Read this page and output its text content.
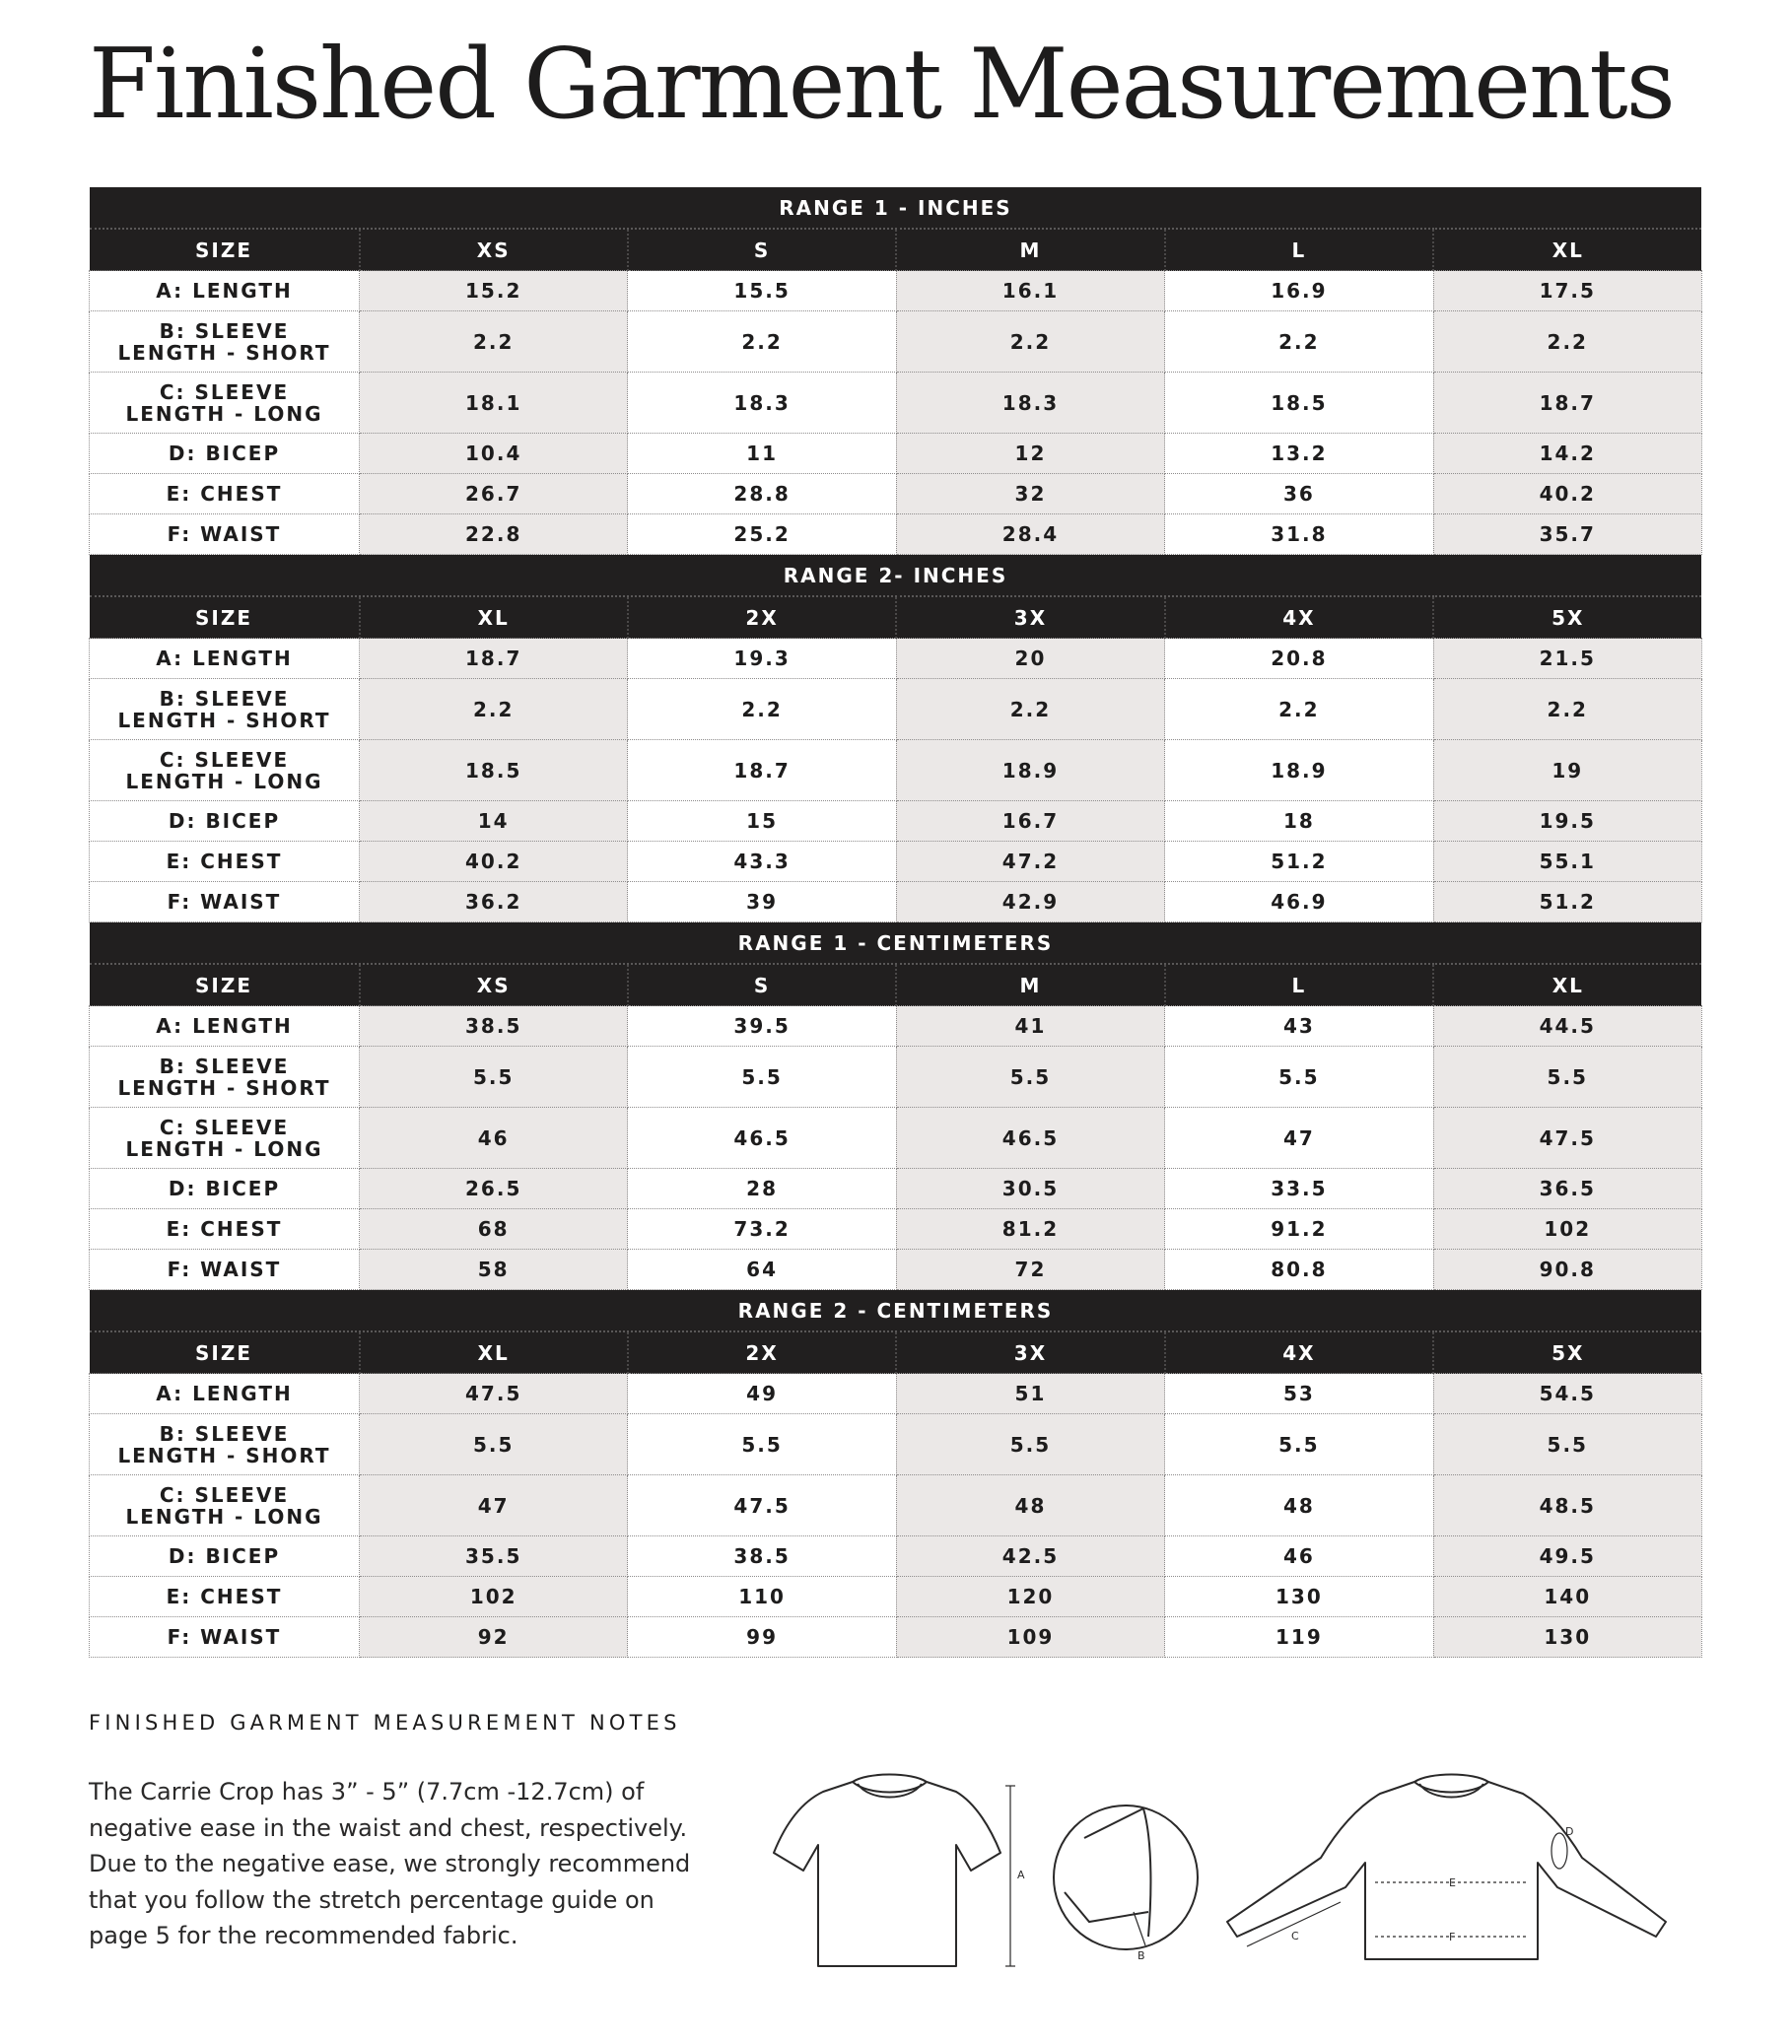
Finished Garment Measurements
RANGE 1 - INCHES					
SIZE	XS	S	M	L	XL
A: LENGTH	15.2	15.5	16.1	16.9	17.5

B: SLEEVE
LENGTH - SHORT	2.2	2.2	2.2	2.2	2.2

C: SLEEVE
LENGTH - LONG	18.1	18.3	18.3	18.5	18.7
D: BICEP	10.4	11	12	13.2	14.2
E: CHEST	26.7	28.8	32	36	40.2
F: WAIST	22.8	25.2	28.4	31.8	35.7
RANGE 2- INCHES					
SIZE	XL	2X	3X	4X	5X
A: LENGTH	18.7	19.3	20	20.8	21.5

B: SLEEVE
LENGTH - SHORT	2.2	2.2	2.2	2.2	2.2

C: SLEEVE
LENGTH - LONG	18.5	18.7	18.9	18.9	19
D: BICEP	14	15	16.7	18	19.5
E: CHEST	40.2	43.3	47.2	51.2	55.1
F: WAIST	36.2	39	42.9	46.9	51.2
RANGE 1 - CENTIMETERS					
SIZE	XS	S	M	L	XL
A: LENGTH	38.5	39.5	41	43	44.5

B: SLEEVE
LENGTH - SHORT	5.5	5.5	5.5	5.5	5.5

C: SLEEVE
LENGTH - LONG	46	46.5	46.5	47	47.5
D: BICEP	26.5	28	30.5	33.5	36.5
E: CHEST	68	73.2	81.2	91.2	102
F: WAIST	58	64	72	80.8	90.8
RANGE 2 - CENTIMETERS					
SIZE	XL	2X	3X	4X	5X
A: LENGTH	47.5	49	51	53	54.5

B: SLEEVE
LENGTH - SHORT	5.5	5.5	5.5	5.5	5.5

C: SLEEVE
LENGTH - LONG	47	47.5	48	48	48.5
D: BICEP	35.5	38.5	42.5	46	49.5
E: CHEST	102	110	120	130	140
F: WAIST	92	99	109	119	130
FINISHED GARMENT MEASUREMENT NOTES

The Carrie Crop has 3” - 5” (7.7cm -12.7cm) of negative ease in the waist and chest, respectively. Due to the negative ease, we strongly recommend that you follow the stretch percentage guide on page 5 for the recommended fabric.

A
B
C
D
E
F
